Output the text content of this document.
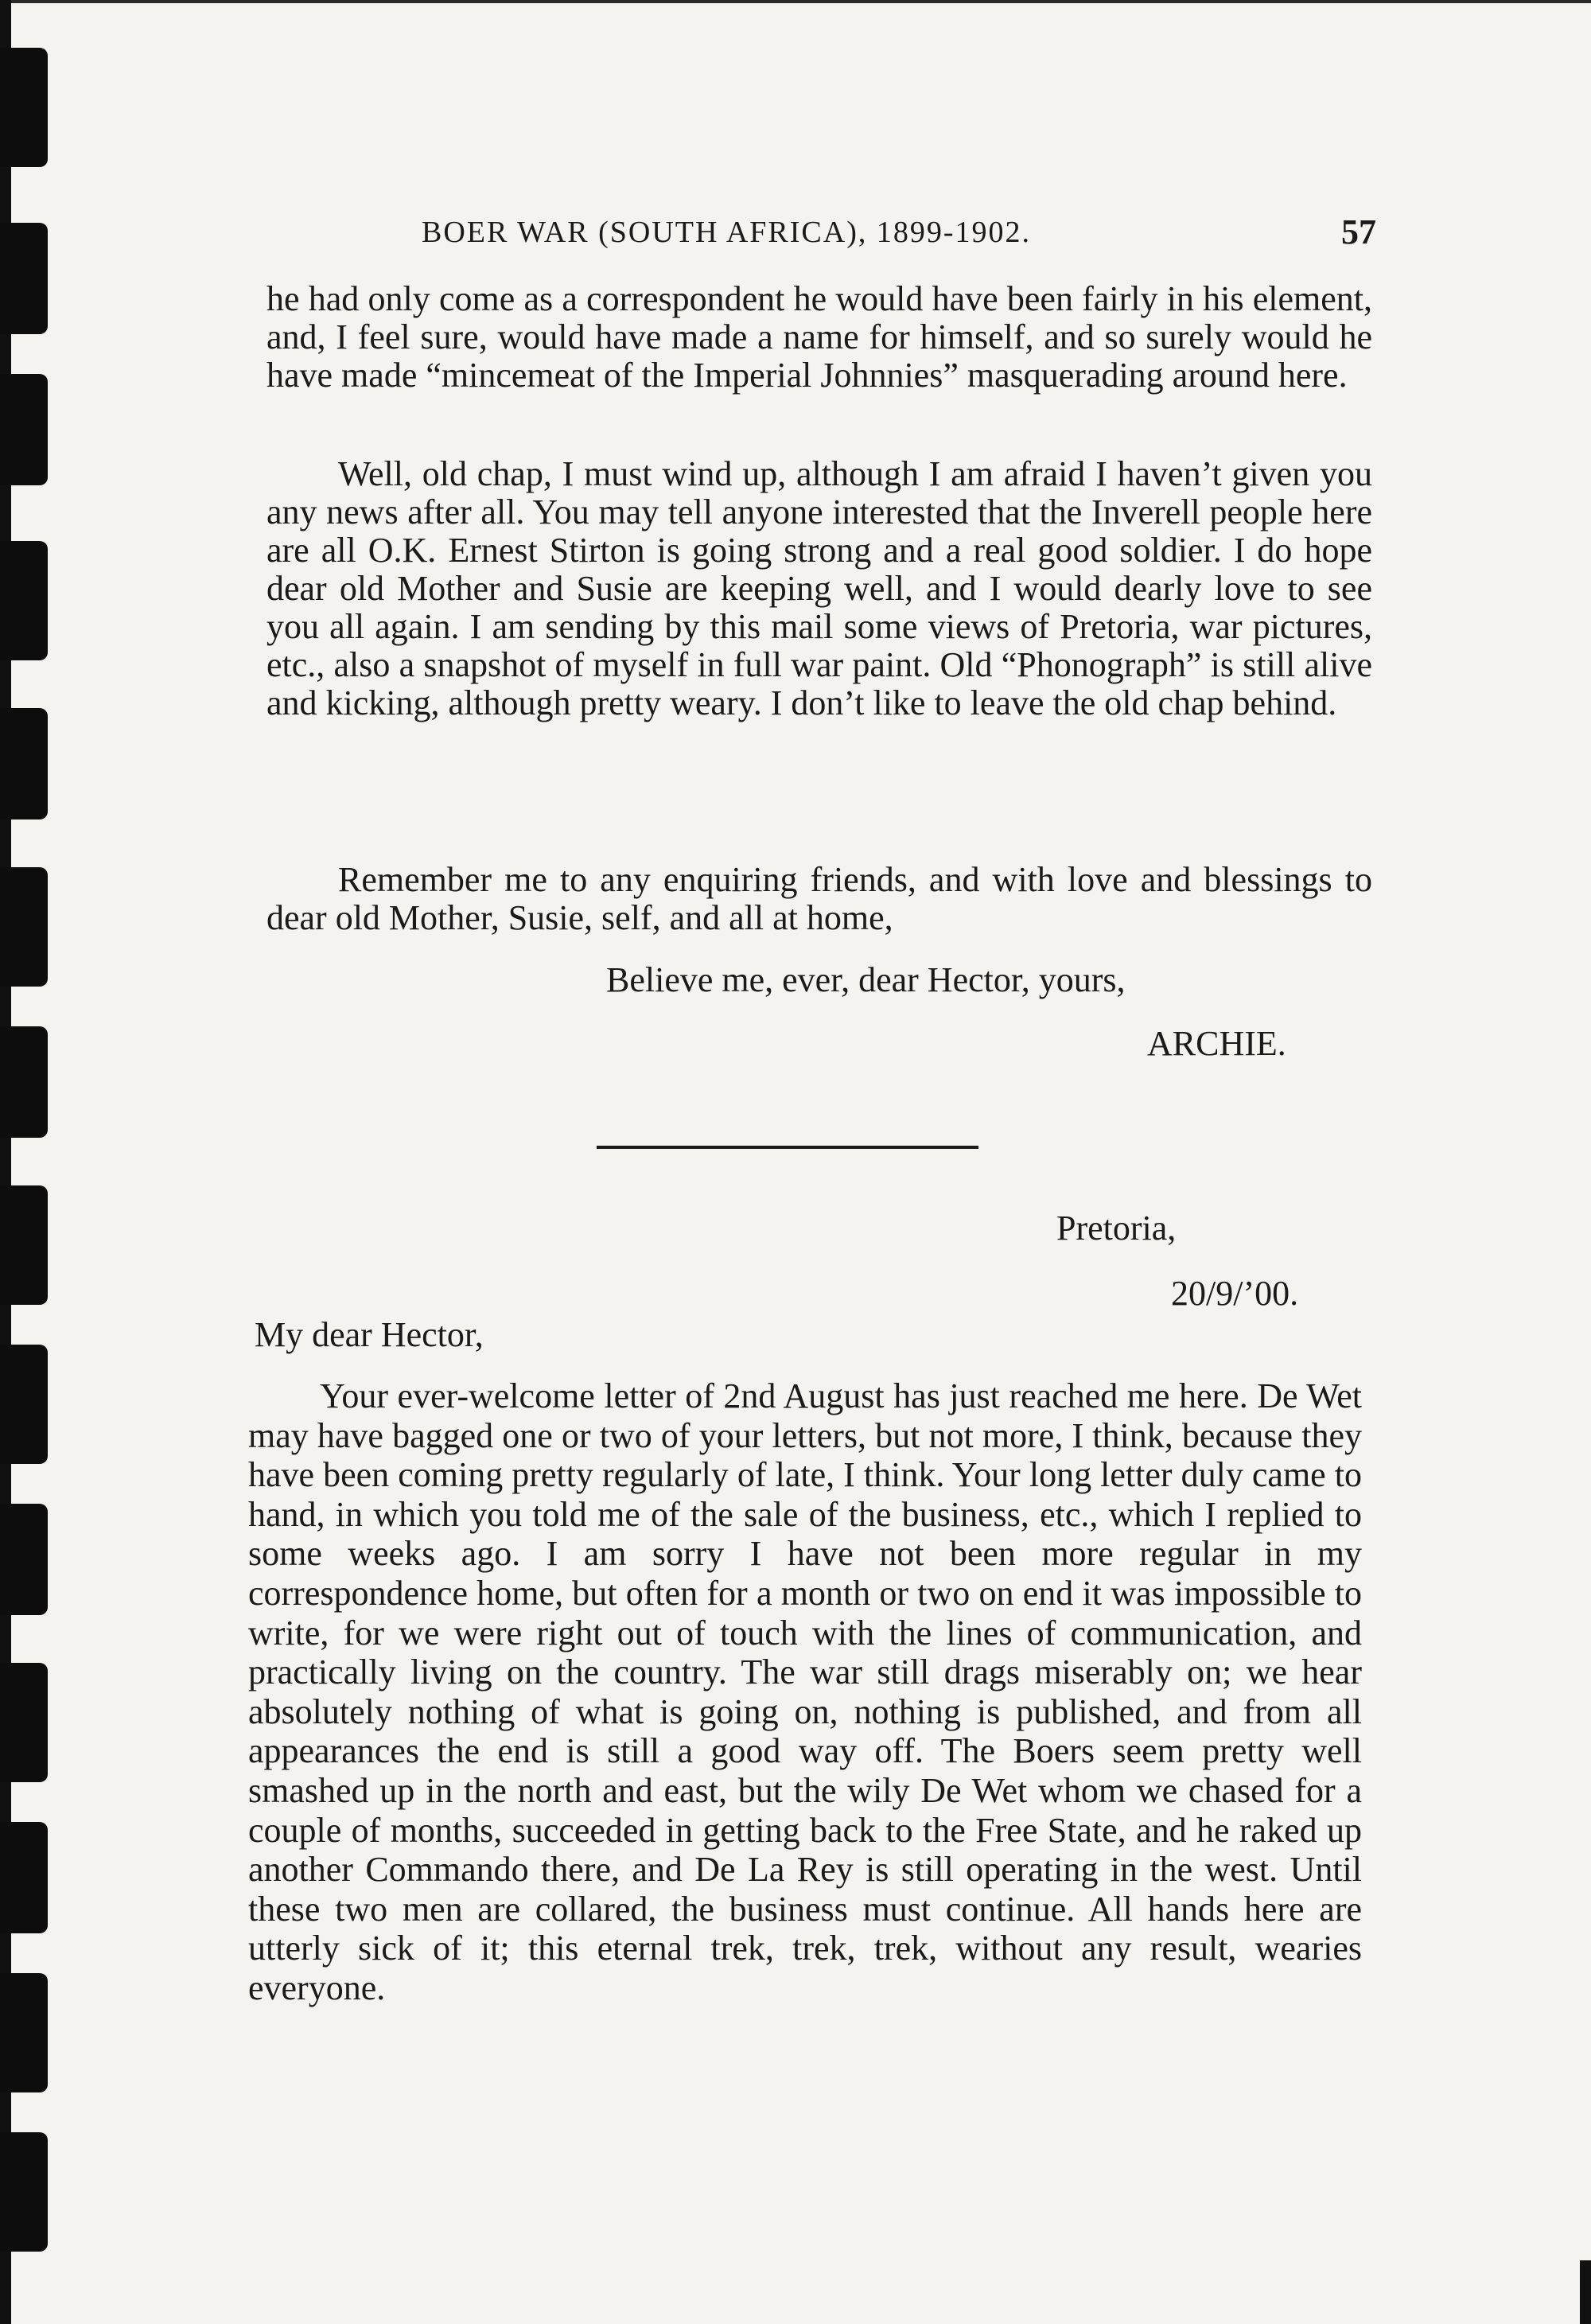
BOER WAR (SOUTH AFRICA), 1899-1902.	57

he had only come as a correspondent he would have been fairly in his element, and, I feel sure, would have made a name for himself, and so surely would he have made “mincemeat of the Imperial Johnnies” masquerading around here.

Well, old chap, I must wind up, although I am afraid I haven’t given you any news after all. You may tell anyone interested that the Inverell people here are all O.K. Ernest Stirton is going strong and a real good soldier. I do hope dear old Mother and Susie are keeping well, and I would dearly love to see you all again. I am sending by this mail some views of Pretoria, war pictures, etc., also a snapshot of myself in full war paint. Old “Phonograph” is still alive and kicking, although pretty weary. I don’t like to leave the old chap behind.

Remember me to any enquiring friends, and with love and blessings to dear old Mother, Susie, self, and all at home,

Believe me, ever, dear Hector, yours,
ARCHIE.
Pretoria,
20/9/’00.
My dear Hector,

Your ever-welcome letter of 2nd August has just reached me here. De Wet may have bagged one or two of your letters, but not more, I think, because they have been coming pretty regularly of late, I think. Your long letter duly came to hand, in which you told me of the sale of the business, etc., which I replied to some weeks ago. I am sorry I have not been more regular in my correspondence home, but often for a month or two on end it was impossible to write, for we were right out of touch with the lines of communication, and practically living on the country. The war still drags miserably on; we hear absolutely nothing of what is going on, nothing is published, and from all appearances the end is still a good way off. The Boers seem pretty well smashed up in the north and east, but the wily De Wet whom we chased for a couple of months, succeeded in getting back to the Free State, and he raked up another Commando there, and De La Rey is still operating in the west. Until these two men are collared, the business must continue. All hands here are utterly sick of it; this eternal trek, trek, trek, without any result, wearies everyone.
